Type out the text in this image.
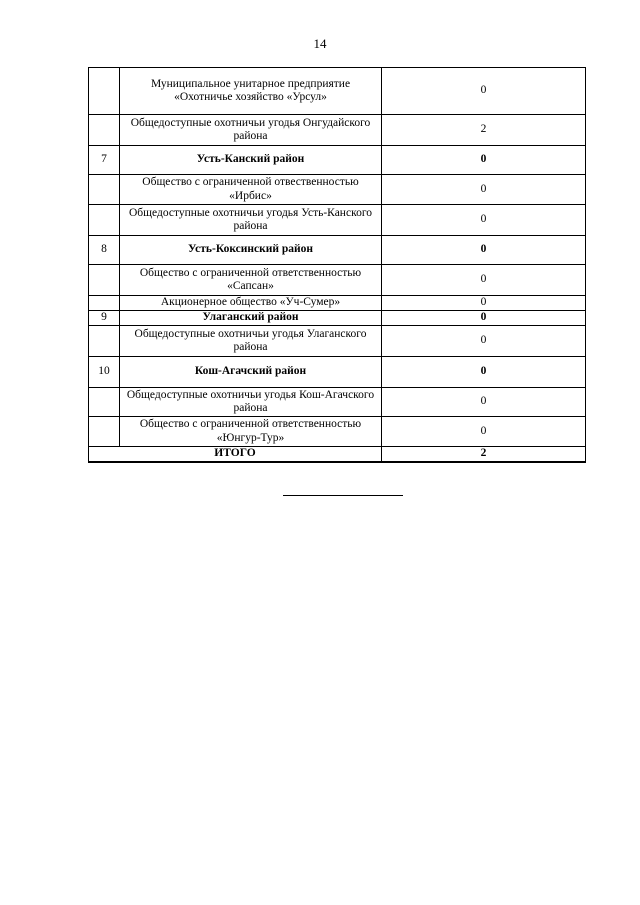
14
	Муниципальное унитарное предприятие «Охотничье хозяйство «Урсул»	0
	Общедоступные охотничьи угодья Онгудайского района	2
7	Усть-Канский район	0
	Общество с ограниченной отвественностью «Ирбис»	0
	Общедоступные охотничьи угодья Усть-Канского района	0
8	Усть-Коксинский район	0
	Общество с ограниченной ответственностью «Сапсан»	0
	Акционерное общество «Уч-Сумер»	0
9	Улаганский район	0
	Общедоступные охотничьи угодья Улаганского района	0
10	Кош-Агачский район	0
	Общедоступные охотничьи угодья Кош-Агачского района	0
	Общество с ограниченной ответственностью «Юнгур-Тур»	0
ИТОГО		2
